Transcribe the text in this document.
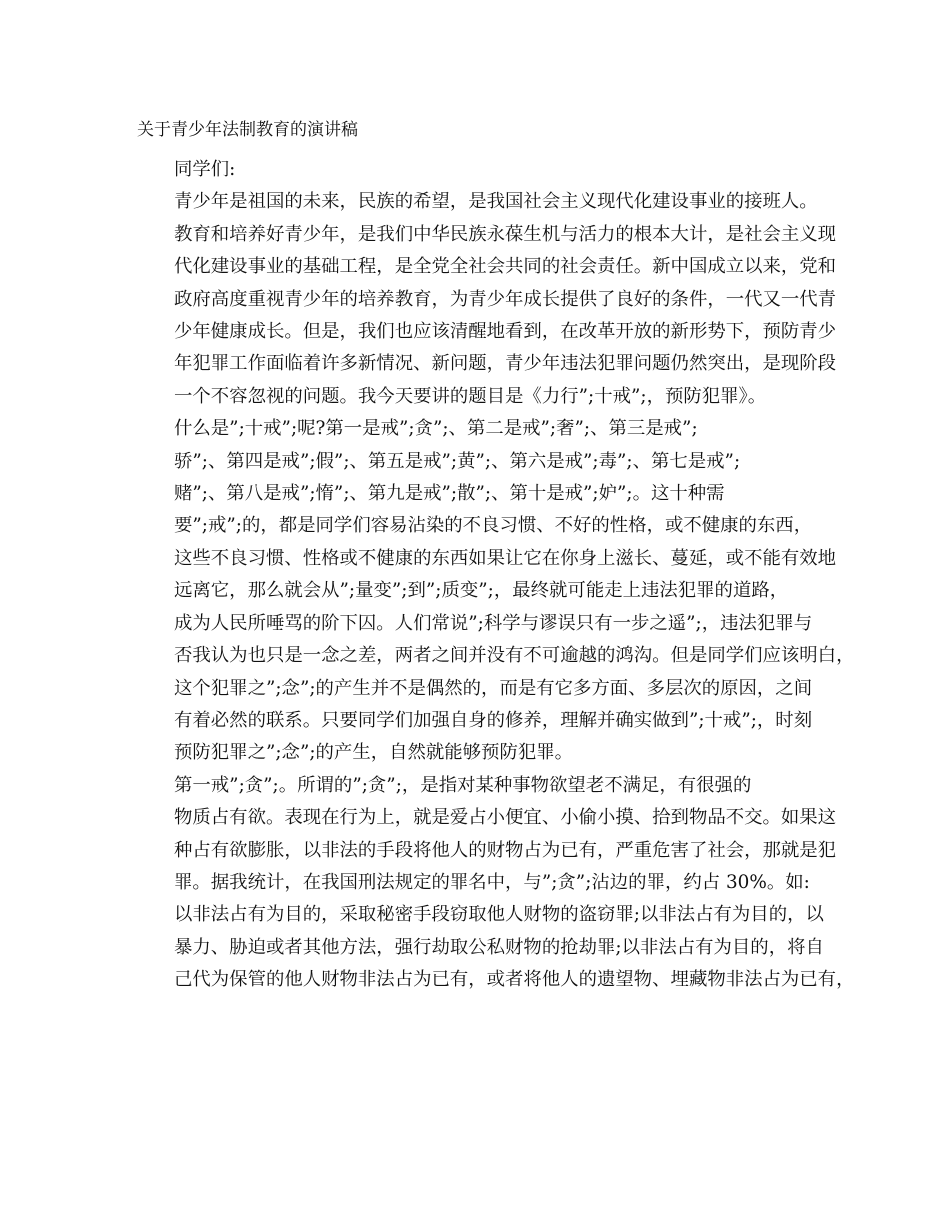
关于青少年法制教育的演讲稿
同学们:
青少年是祖国的未来，民族的希望，是我国社会主义现代化建设事业的接班人。
教育和培养好青少年，是我们中华民族永葆生机与活力的根本大计，是社会主义现
代化建设事业的基础工程，是全党全社会共同的社会责任。新中国成立以来，党和
政府高度重视青少年的培养教育，为青少年成长提供了良好的条件，一代又一代青
少年健康成长。但是，我们也应该清醒地看到，在改革开放的新形势下，预防青少
年犯罪工作面临着许多新情况、新问题，青少年违法犯罪问题仍然突出，是现阶段
一个不容忽视的问题。我今天要讲的题目是《力行”;十戒”;，预防犯罪》。
什么是”;十戒”;呢?第一是戒”;贪”;、第二是戒”;奢”;、第三是戒”;
骄”;、第四是戒”;假”;、第五是戒”;黄”;、第六是戒”;毒”;、第七是戒”;
赌”;、第八是戒”;惰”;、第九是戒”;散”;、第十是戒”;妒”;。这十种需
要”;戒”;的，都是同学们容易沾染的不良习惯、不好的性格，或不健康的东西，
这些不良习惯、性格或不健康的东西如果让它在你身上滋长、蔓延，或不能有效地
远离它，那么就会从”;量变”;到”;质变”;，最终就可能走上违法犯罪的道路，
成为人民所唾骂的阶下囚。人们常说”;科学与谬误只有一步之遥”;，违法犯罪与
否我认为也只是一念之差，两者之间并没有不可逾越的鸿沟。但是同学们应该明白，
这个犯罪之”;念”;的产生并不是偶然的，而是有它多方面、多层次的原因，之间
有着必然的联系。只要同学们加强自身的修养，理解并确实做到”;十戒”;，时刻
预防犯罪之”;念”;的产生，自然就能够预防犯罪。
第一戒”;贪”;。所谓的”;贪”;，是指对某种事物欲望老不满足，有很强的
物质占有欲。表现在行为上，就是爱占小便宜、小偷小摸、拾到物品不交。如果这
种占有欲膨胀，以非法的手段将他人的财物占为已有，严重危害了社会，那就是犯
罪。据我统计，在我国刑法规定的罪名中，与”;贪”;沾边的罪，约占 30%。如:
以非法占有为目的，采取秘密手段窃取他人财物的盗窃罪;以非法占有为目的，以
暴力、胁迫或者其他方法，强行劫取公私财物的抢劫罪;以非法占有为目的，将自
己代为保管的他人财物非法占为已有，或者将他人的遗望物、埋藏物非法占为已有，
